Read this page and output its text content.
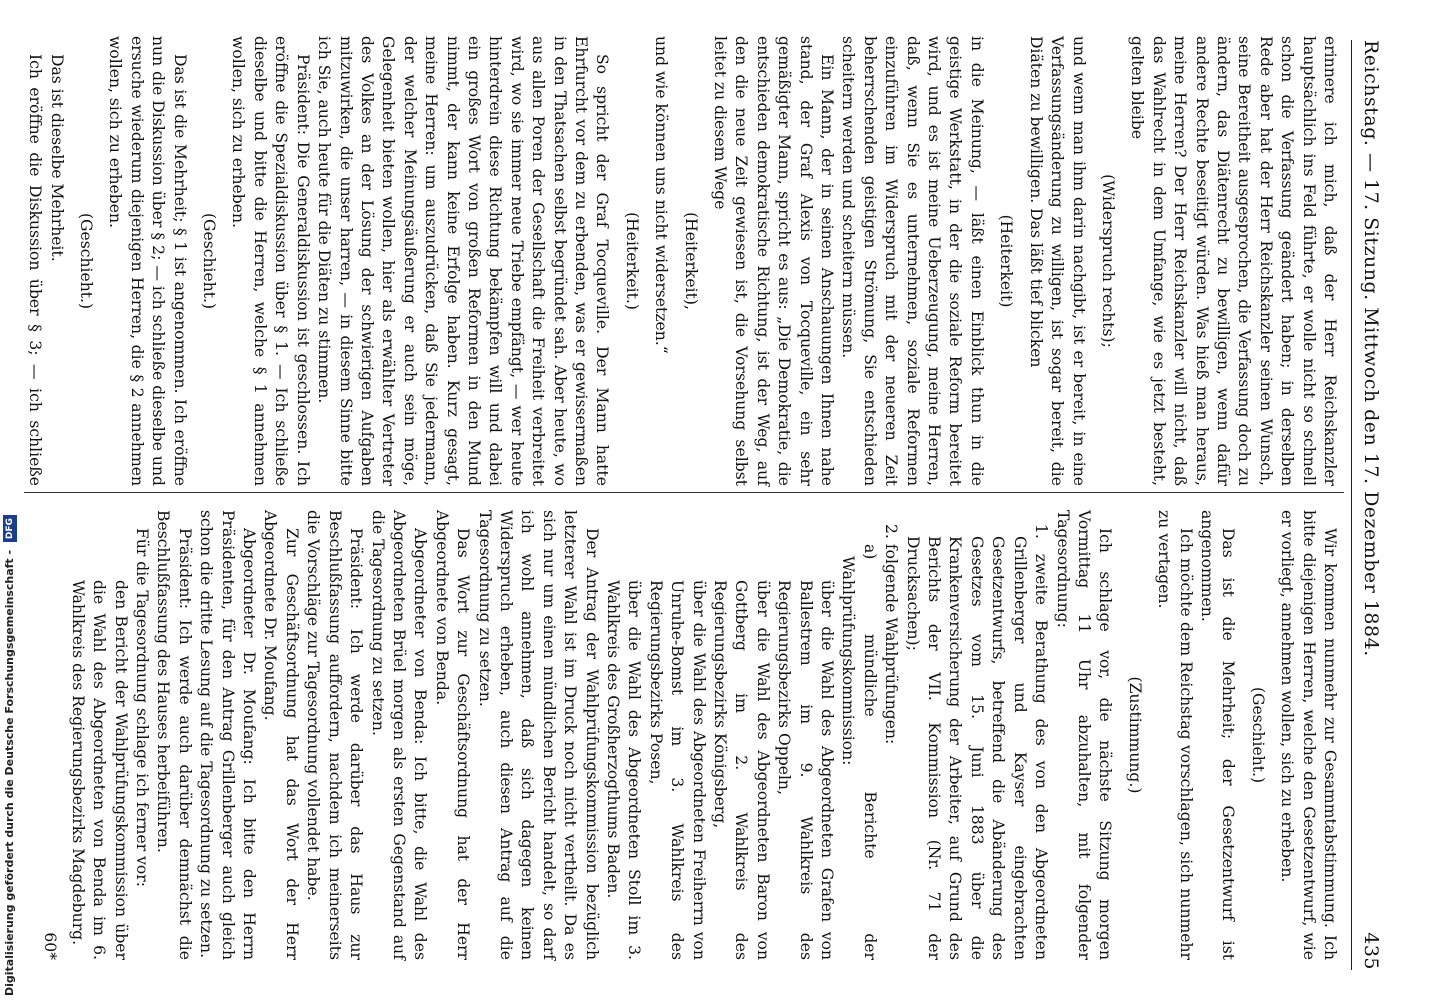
Reichstag. — 17. Sitzung. Mittwoch den 17. Dezember 1884.
435

erinnere ich mich, daß der Herr Reichskanzler hauptsächlich ins Feld führte, er wolle nicht so schnell schon die Verfassung geändert haben; in derselben Rede aber hat der Herr Reichskanzler seinen Wunsch, seine Bereitheit ausgesprochen, die Verfassung doch zu ändern, das Diätenrecht zu bewilligen, wenn dafür andere Rechte beseitigt würden. Was hieß man heraus, meine Herren? Der Herr Reichskanzler will nicht, daß das Wahlrecht in dem Umfange, wie es jetzt besteht, gelten bleibe

(Widerspruch rechts);

und wenn man ihm darin nachgibt, ist er bereit, in eine Verfassungsänderung zu willigen, ist sogar bereit, die Diäten zu bewilligen. Das läßt tief blicken

(Heiterkeit)

in die Meinung, — läßt einen Einblick thun in die geistige Werkstatt, in der die soziale Reform bereitet wird, und es ist meine Ueberzeugung, meine Herren, daß, wenn Sie es unternehmen, soziale Reformen einzuführen im Widerspruch mit der neueren Zeit beherrschenden geistigen Strömung, Sie entschieden scheitern werden und scheitern müssen.

Ein Mann, der in seinen Anschauungen Ihnen nahe stand, der Graf Alexis von Tocqueville, ein sehr gemäßigter Mann, spricht es aus: „Die Demokratie, die entschieden demokratische Richtung, ist der Weg, auf den die neue Zeit gewiesen ist, die Vorsehung selbst leitet zu diesem Wege

(Heiterkeit),

und wie können uns nicht widersetzen.“

(Heiterkeit.)

So spricht der Graf Tocqueville. Der Mann hatte Ehrfurcht vor dem zu erbenden, was er gewissermaßen in den Thatsachen selbst begründet sah. Aber heute, wo aus allen Poren der Gesellschaft die Freiheit verbreitet wird, wo sie immer neue Triebe empfängt, — wer heute hinterdrein diese Richtung bekämpfen will und dabei ein großes Wort von großen Reformen in den Mund nimmt, der kann keine Erfolge haben. Kurz gesagt, meine Herren: um auszudrücken, daß Sie jedermann, der welcher Meinungsäußerung er auch sein möge, Gelegenheit bieten wollen, hier als erwählter Vertreter des Volkes an der Lösung der schwierigen Aufgaben mitzuwirken, die unser harren, — in diesem Sinne bitte ich Sie, auch heute für die Diäten zu stimmen.

Präsident: Die Generaldiskussion ist geschlossen. Ich eröffne die Spezialdiskussion über § 1. — Ich schließe dieselbe und bitte die Herren, welche § 1 annehmen wollen, sich zu erheben.

(Geschieht.)

Das ist die Mehrheit; § 1 ist angenommen. Ich eröffne nun die Diskussion über § 2; — ich schließe dieselbe und ersuche wiederum diejenigen Herren, die § 2 annehmen wollen, sich zu erheben.

(Geschieht.)

Das ist dieselbe Mehrheit.

Ich eröffne die Diskussion über § 3; — ich schließe

Wir kommen nunmehr zur Gesammtabstimmung. Ich bitte diejenigen Herren, welche den Gesetzentwurf, wie er vorliegt, annehmen wollen, sich zu erheben.

(Geschieht.)

Das ist die Mehrheit; der Gesetzentwurf ist angenommen.

Ich möchte dem Reichstag vorschlagen, sich nunmehr zu vertagen.

(Zustimmung.)

Ich schlage vor, die nächste Sitzung morgen Vormittag 11 Uhr abzuhalten, mit folgender Tagesordnung:

1. zweite Berathung des von den Abgeordneten Grillenberger und Kayser eingebrachten Gesetzentwurfs, betreffend die Abänderung des Gesetzes vom 15. Juni 1883 über die Krankenversicherung der Arbeiter, auf Grund des Berichts der VII. Kommission (Nr. 71 der Drucksachen);

2. folgende Wahlprüfungen:

a) mündliche Berichte der Wahlprüfungskommission:

über die Wahl des Abgeordneten Grafen von Ballestrem im 9. Wahlkreis des Regierungsbezirks Oppeln,

über die Wahl des Abgeordneten Baron von Gottberg im 2. Wahlkreis des Regierungsbezirks Königsberg,

über die Wahl des Abgeordneten Freiherrn von Unruhe-Bomst im 3. Wahlkreis des Regierungsbezirks Posen,

über die Wahl des Abgeordneten Stoll im 3. Wahlkreis des Großherzogthums Baden.

Der Antrag der Wahlprüfungskommission bezüglich letzterer Wahl ist im Druck noch nicht vertheilt. Da es sich nur um einen mündlichen Bericht handelt, so darf ich wohl annehmen, daß sich dagegen keinen Widerspruch erheben, auch diesen Antrag auf die Tagesordnung zu setzen.

Das Wort zur Geschäftsordnung hat der Herr Abgeordnete von Benda.

Abgeordneter von Benda: Ich bitte, die Wahl des Abgeordneten Brüel morgen als ersten Gegenstand auf die Tagesordnung zu setzen.

Präsident: Ich werde darüber das Haus zur Beschlußfassung auffordern, nachdem ich meinerseits die Vorschläge zur Tagesordnung vollendet habe.

Zur Geschäftsordnung hat das Wort der Herr Abgeordnete Dr. Moufang.

Abgeordneter Dr. Moufang: Ich bitte den Herrn Präsidenten, für den Antrag Grillenberger auch gleich schon die dritte Lesung auf die Tagesordnung zu setzen.

Präsident: Ich werde auch darüber demnächst die Beschlußfassung des Hauses herbeiführen.

Für die Tagesordnung schlage ich ferner vor:

den Bericht der Wahlprüfungskommission über die Wahl des Abgeordneten von Benda im 6. Wahlkreis des Regierungsbezirks Magdeburg.

60*

Digitalisierung gefördert durch die Deutsche Forschungsgemeinschaft - DFG
